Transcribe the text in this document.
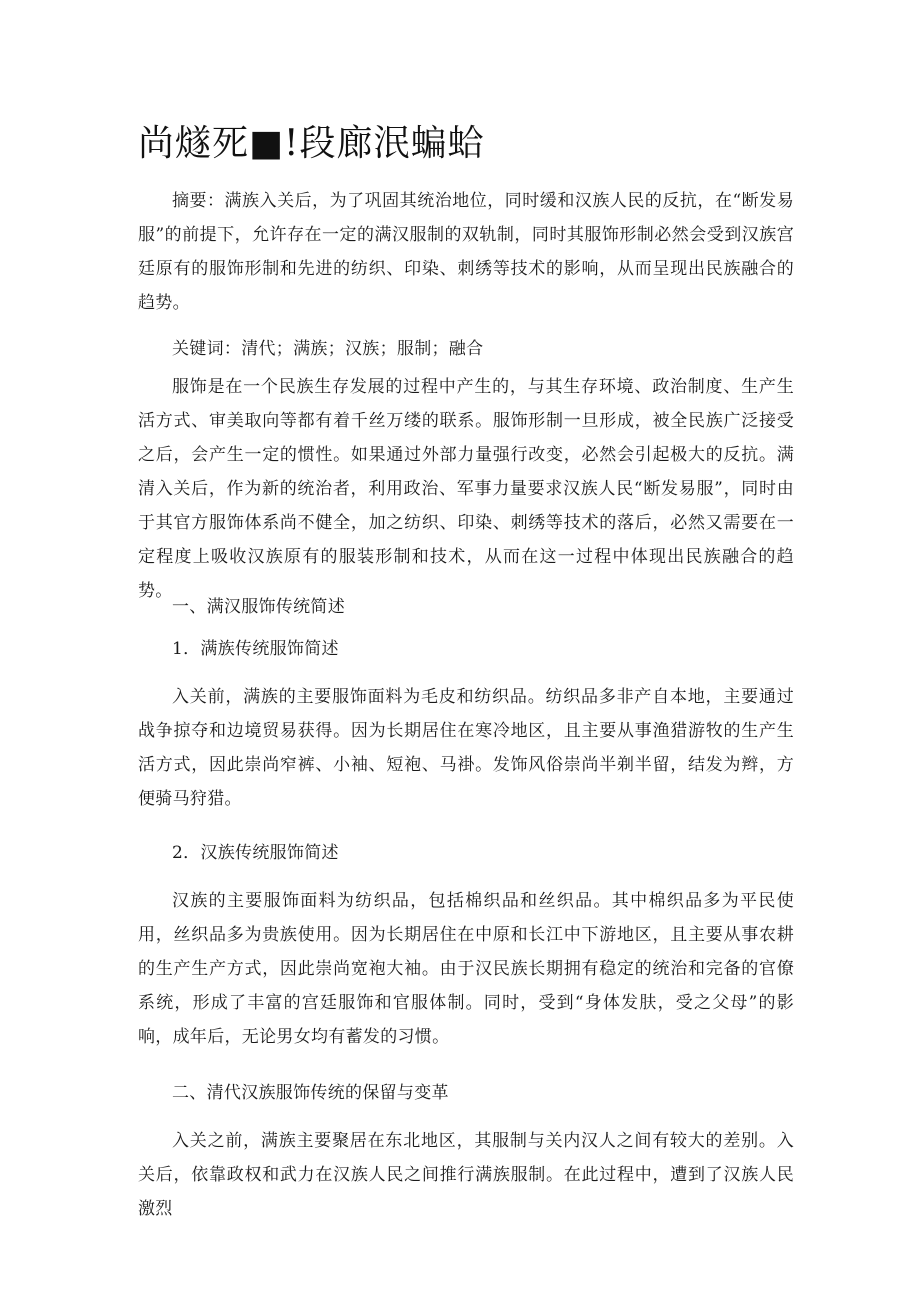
尚燧死■!段廊泯蝙蛤
摘要：满族入关后，为了巩固其统治地位，同时缓和汉族人民的反抗，在“断发易服”的前提下，允许存在一定的满汉服制的双轨制，同时其服饰形制必然会受到汉族宫廷原有的服饰形制和先进的纺织、印染、刺绣等技术的影响，从而呈现出民族融合的趋势。
关键词：清代；满族；汉族；服制；融合
服饰是在一个民族生存发展的过程中产生的，与其生存环境、政治制度、生产生活方式、审美取向等都有着千丝万缕的联系。服饰形制一旦形成，被全民族广泛接受之后，会产生一定的惯性。如果通过外部力量强行改变，必然会引起极大的反抗。满清入关后，作为新的统治者，利用政治、军事力量要求汉族人民“断发易服”，同时由于其官方服饰体系尚不健全，加之纺织、印染、刺绣等技术的落后，必然又需要在一定程度上吸收汉族原有的服装形制和技术，从而在这一过程中体现出民族融合的趋势。
一、满汉服饰传统简述
1．满族传统服饰简述
入关前，满族的主要服饰面料为毛皮和纺织品。纺织品多非产自本地，主要通过战争掠夺和边境贸易获得。因为长期居住在寒冷地区，且主要从事渔猎游牧的生产生活方式，因此崇尚窄裤、小袖、短袍、马褂。发饰风俗崇尚半剃半留，结发为辫，方便骑马狩猎。
2．汉族传统服饰简述
汉族的主要服饰面料为纺织品，包括棉织品和丝织品。其中棉织品多为平民使用，丝织品多为贵族使用。因为长期居住在中原和长江中下游地区，且主要从事农耕的生产生产方式，因此崇尚宽袍大袖。由于汉民族长期拥有稳定的统治和完备的官僚系统，形成了丰富的宫廷服饰和官服体制。同时，受到“身体发肤，受之父母”的影响，成年后，无论男女均有蓄发的习惯。
二、清代汉族服饰传统的保留与变革
入关之前，满族主要聚居在东北地区，其服制与关内汉人之间有较大的差别。入关后，依靠政权和武力在汉族人民之间推行满族服制。在此过程中，遭到了汉族人民激烈
